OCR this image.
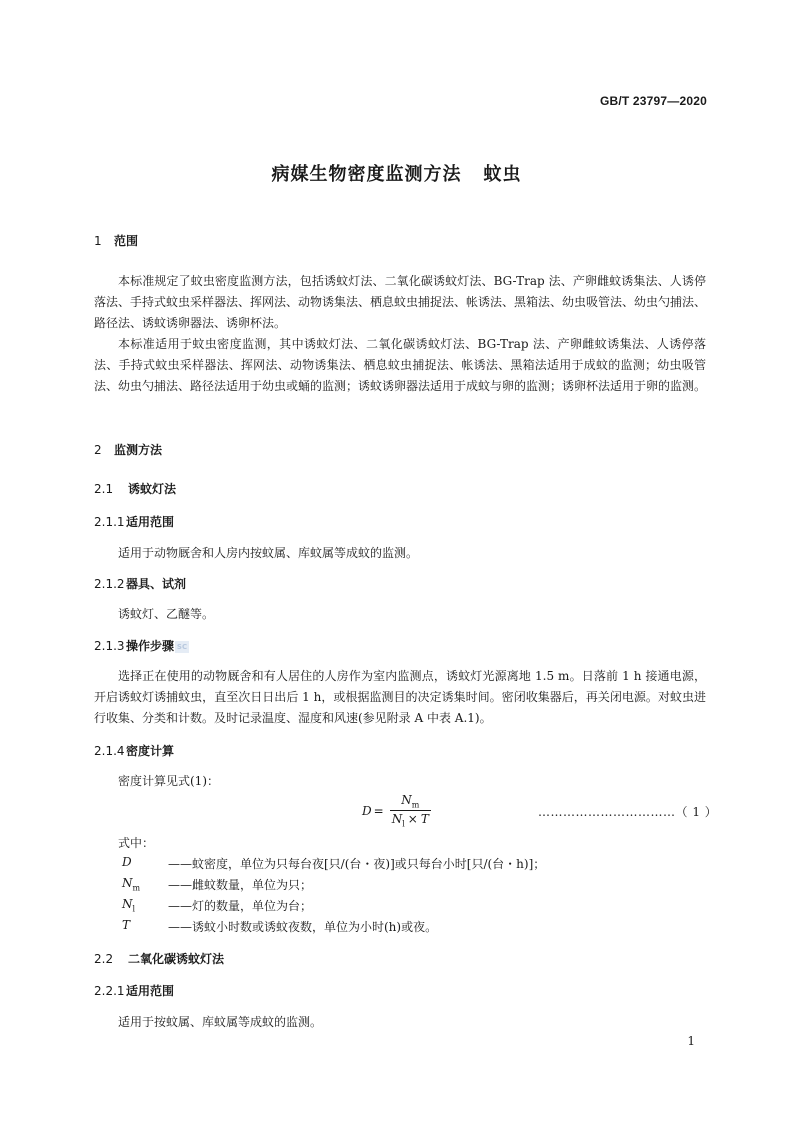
GB/T 23797—2020
病媒生物密度监测方法 蚊虫
1 范围
本标准规定了蚊虫密度监测方法，包括诱蚊灯法、二氧化碳诱蚊灯法、BG-Trap 法、产卵雌蚊诱集法、人诱停落法、手持式蚊虫采样器法、挥网法、动物诱集法、栖息蚊虫捕捉法、帐诱法、黑箱法、幼虫吸管法、幼虫勺捕法、路径法、诱蚊诱卵器法、诱卵杯法。
本标准适用于蚊虫密度监测，其中诱蚊灯法、二氧化碳诱蚊灯法、BG-Trap 法、产卵雌蚊诱集法、人诱停落法、手持式蚊虫采样器法、挥网法、动物诱集法、栖息蚊虫捕捉法、帐诱法、黑箱法适用于成蚊的监测；幼虫吸管法、幼虫勺捕法、路径法适用于幼虫或蛹的监测；诱蚊诱卵器法适用于成蚊与卵的监测；诱卵杯法适用于卵的监测。
2 监测方法
2.1 诱蚊灯法
2.1.1适用范围
适用于动物厩舍和人房内按蚊属、库蚊属等成蚊的监测。
2.1.2器具、试剂
诱蚊灯、乙醚等。
2.1.3操作步骤 SC
选择正在使用的动物厩舍和有人居住的人房作为室内监测点，诱蚊灯光源离地 1.5 m。日落前 1 h 接通电源，开启诱蚊灯诱捕蚊虫，直至次日日出后 1 h，或根据监测目的决定诱集时间。密闭收集器后，再关闭电源。对蚊虫进行收集、分类和计数。及时记录温度、湿度和风速(参见附录 A 中表 A.1)。
2.1.4密度计算
密度计算见式(1)：
$D = \frac{N_m}{N_l \times T}$	……………………………（ 1 ）
式中：
D	——蚊密度，单位为只每台夜[只/(台・夜)]或只每台小时[只/(台・h)]；
$N_m$	——雌蚊数量，单位为只；
$N_l$	——灯的数量，单位为台；
T	——诱蚊小时数或诱蚊夜数，单位为小时(h)或夜。
2.2 二氧化碳诱蚊灯法
2.2.1适用范围
适用于按蚊属、库蚊属等成蚊的监测。
1
